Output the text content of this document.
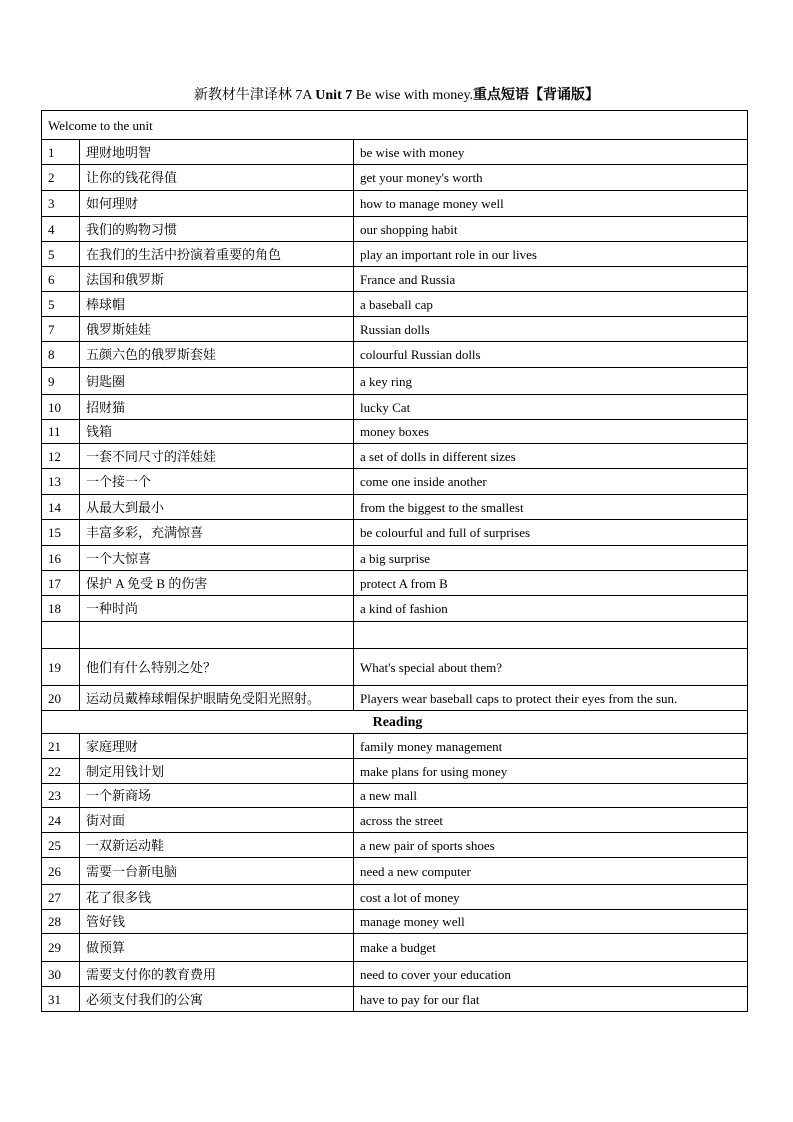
新教材牛津译林 7A Unit 7 Be wise with money.重点短语【背诵版】
Welcome to the unit		
1	理财地明智	be wise with money
2	让你的钱花得值	get your money's worth
3	如何理财	how to manage money well
4	我们的购物习惯	our shopping habit
5	在我们的生活中扮演着重要的角色	play an important role in our lives
6	法国和俄罗斯	France and Russia
5	棒球帽	a baseball cap
7	俄罗斯娃娃	Russian dolls
8	五颜六色的俄罗斯套娃	colourful Russian dolls
9	钥匙圈	a key ring
10	招财猫	lucky Cat
11	钱箱	money boxes
12	一套不同尺寸的洋娃娃	a set of dolls in different sizes
13	一个接一个	come one inside another
14	从最大到最小	from the biggest to the smallest
15	丰富多彩，充满惊喜	be colourful and full of surprises
16	一个大惊喜	a big surprise
17	保护 A 免受 B 的伤害	protect A from B
18	一种时尚	a kind of fashion

19	他们有什么特别之处？	What's special about them?
20	运动员戴棒球帽保护眼睛免受阳光照射。	Players wear baseball caps to protect their eyes from the sun.
Reading		
21	家庭理财	family money management
22	制定用钱计划	make plans for using money
23	一个新商场	a new mall
24	街对面	across the street
25	一双新运动鞋	a new pair of sports shoes
26	需要一台新电脑	need a new computer
27	花了很多钱	cost a lot of money
28	管好钱	manage money well
29	做预算	make a budget
30	需要支付你的教育费用	need to cover your education
31	必须支付我们的公寓	have to pay for our flat
